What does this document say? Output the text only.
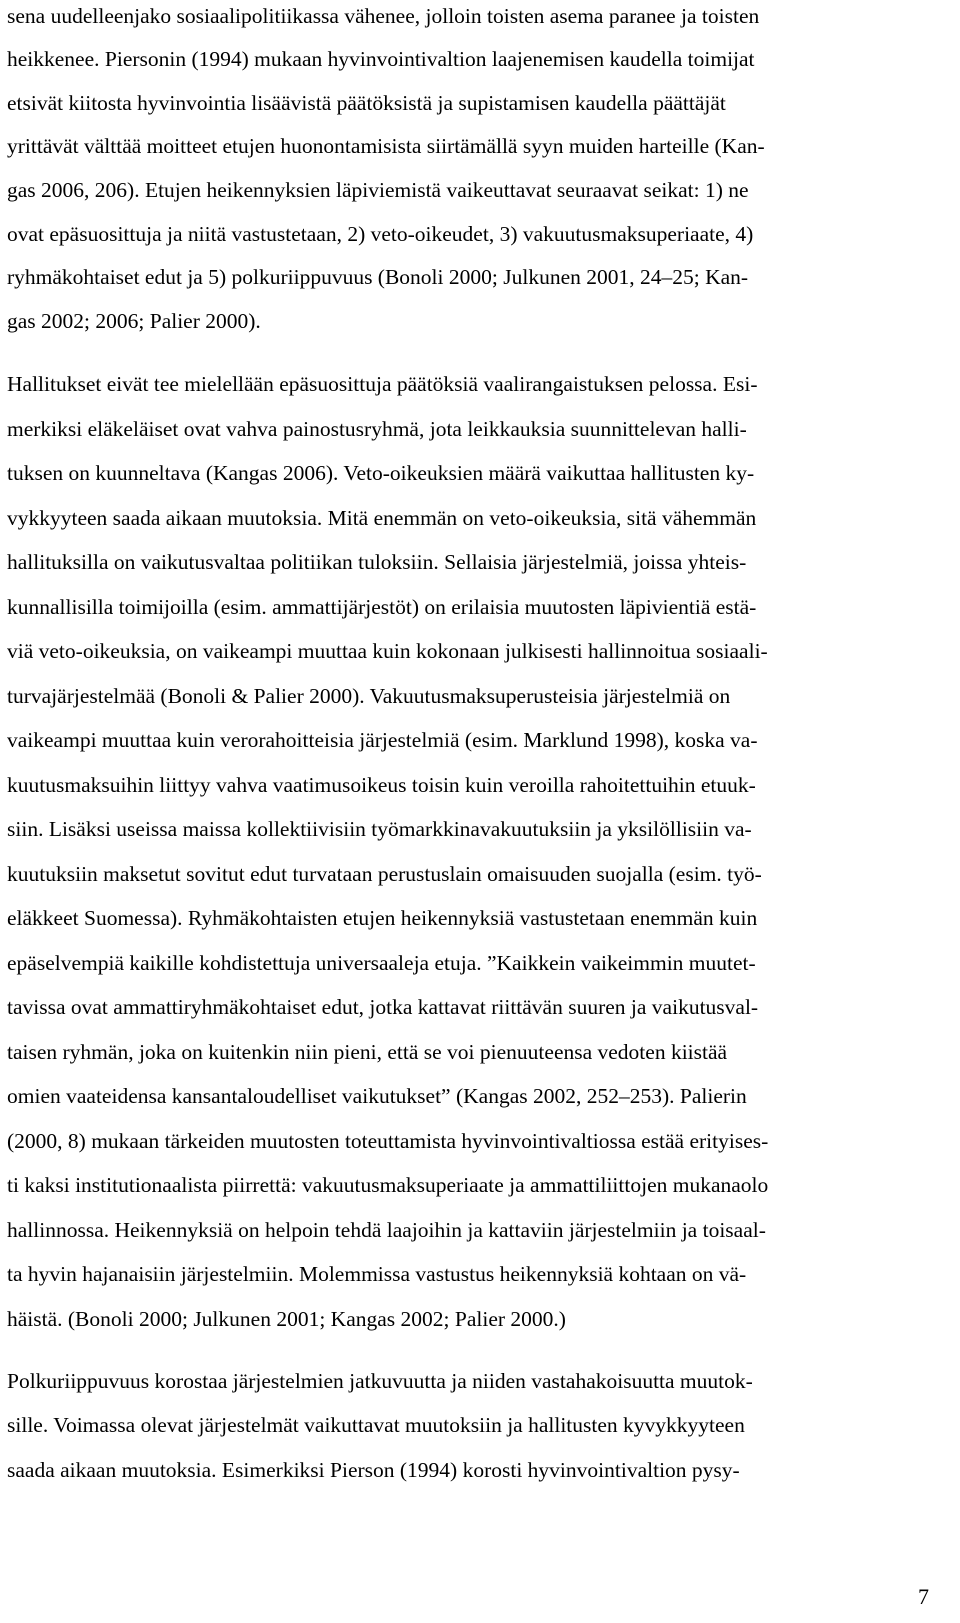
sena uudelleenjako sosiaalipolitiikassa vähenee, jolloin toisten asema paranee ja toisten
heikkenee. Piersonin (1994) mukaan hyvinvointivaltion laajenemisen kaudella toimijat
etsivät kiitosta hyvinvointia lisäävistä päätöksistä ja supistamisen kaudella päättäjät
yrittävät välttää moitteet etujen huonontamisista siirtämällä syyn muiden harteille (Kan-
gas 2006, 206). Etujen heikennyksien läpiviemistä vaikeuttavat seuraavat seikat: 1) ne
ovat epäsuosittuja ja niitä vastustetaan, 2) veto-oikeudet, 3) vakuutusmaksuperiaate, 4)
ryhmäkohtaiset edut ja 5) polkuriippuvuus (Bonoli 2000; Julkunen 2001, 24–25; Kan-
gas 2002; 2006; Palier 2000).
Hallitukset eivät tee mielellään epäsuosittuja päätöksiä vaalirangaistuksen pelossa. Esi-
merkiksi eläkeläiset ovat vahva painostusryhmä, jota leikkauksia suunnittelevan halli-
tuksen on kuunneltava (Kangas 2006). Veto-oikeuksien määrä vaikuttaa hallitusten ky-
vykkyyteen saada aikaan muutoksia. Mitä enemmän on veto-oikeuksia, sitä vähemmän
hallituksilla on vaikutusvaltaa politiikan tuloksiin. Sellaisia järjestelmiä, joissa yhteis-
kunnallisilla toimijoilla (esim. ammattijärjestöt) on erilaisia muutosten läpivientiä estä-
viä veto-oikeuksia, on vaikeampi muuttaa kuin kokonaan julkisesti hallinnoitua sosiaali-
turvajärjestelmää (Bonoli & Palier 2000). Vakuutusmaksuperusteisia järjestelmiä on
vaikeampi muuttaa kuin verorahoitteisia järjestelmiä (esim. Marklund 1998), koska va-
kuutusmaksuihin liittyy vahva vaatimusoikeus toisin kuin veroilla rahoitettuihin etuuk-
siin. Lisäksi useissa maissa kollektiivisiin työmarkkinavakuutuksiin ja yksilöllisiin va-
kuutuksiin maksetut sovitut edut turvataan perustuslain omaisuuden suojalla (esim. työ-
eläkkeet Suomessa). Ryhmäkohtaisten etujen heikennyksiä vastustetaan enemmän kuin
epäselvempiä kaikille kohdistettuja universaaleja etuja. ”Kaikkein vaikeimmin muutet-
tavissa ovat ammattiryhmäkohtaiset edut, jotka kattavat riittävän suuren ja vaikutusval-
taisen ryhmän, joka on kuitenkin niin pieni, että se voi pienuuteensa vedoten kiistää
omien vaateidensa kansantaloudelliset vaikutukset” (Kangas 2002, 252–253). Palierin
(2000, 8) mukaan tärkeiden muutosten toteuttamista hyvinvointivaltiossa estää erityises-
ti kaksi institutionaalista piirrettä: vakuutusmaksuperiaate ja ammattiliittojen mukanaolo
hallinnossa. Heikennyksiä on helpoin tehdä laajoihin ja kattaviin järjestelmiin ja toisaal-
ta hyvin hajanaisiin järjestelmiin. Molemmissa vastustus heikennyksiä kohtaan on vä-
häistä. (Bonoli 2000; Julkunen 2001; Kangas 2002; Palier 2000.)
Polkuriippuvuus korostaa järjestelmien jatkuvuutta ja niiden vastahakoisuutta muutok-
sille. Voimassa olevat järjestelmät vaikuttavat muutoksiin ja hallitusten kyvykkyyteen
saada aikaan muutoksia. Esimerkiksi Pierson (1994) korosti hyvinvointivaltion pysy-
7
